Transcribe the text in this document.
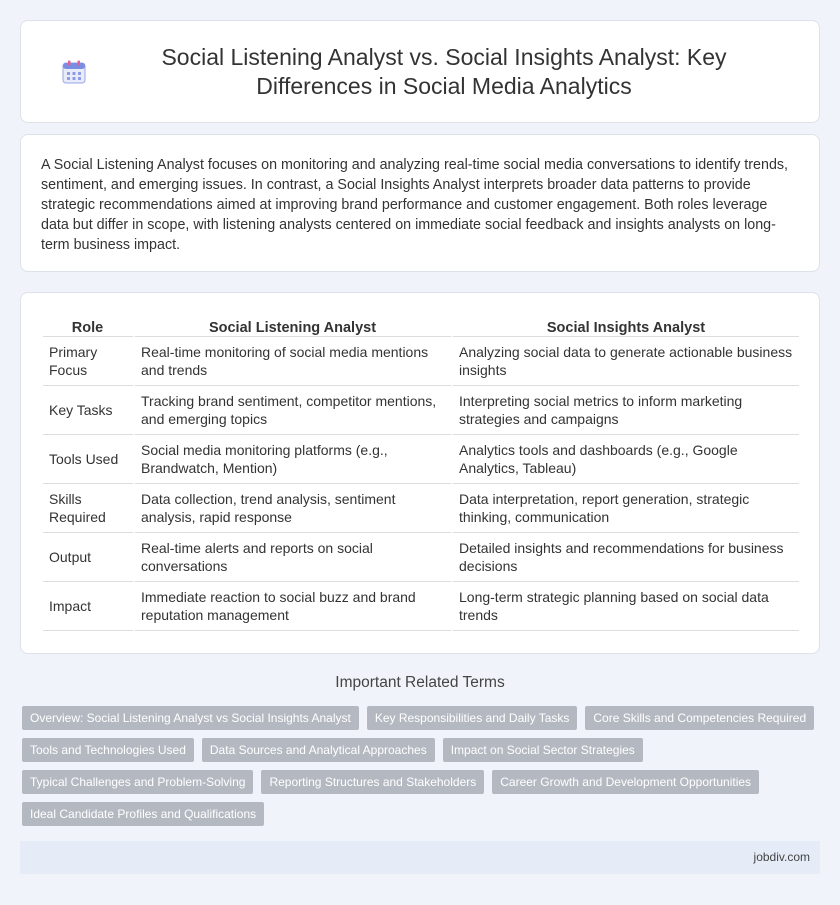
Social Listening Analyst vs. Social Insights Analyst: Key Differences in Social Media Analytics

A Social Listening Analyst focuses on monitoring and analyzing real-time social media conversations to identify trends, sentiment, and emerging issues. In contrast, a Social Insights Analyst interprets broader data patterns to provide strategic recommendations aimed at improving brand performance and customer engagement. Both roles leverage data but differ in scope, with listening analysts centered on immediate social feedback and insights analysts on long-term business impact.

Role	Social Listening Analyst	Social Insights Analyst
Primary Focus	Real-time monitoring of social media mentions and trends	Analyzing social data to generate actionable business insights
Key Tasks	Tracking brand sentiment, competitor mentions, and emerging topics	Interpreting social metrics to inform marketing strategies and campaigns
Tools Used	Social media monitoring platforms (e.g., Brandwatch, Mention)	Analytics tools and dashboards (e.g., Google Analytics, Tableau)
Skills Required	Data collection, trend analysis, sentiment analysis, rapid response	Data interpretation, report generation, strategic thinking, communication
Output	Real-time alerts and reports on social conversations	Detailed insights and recommendations for business decisions
Impact	Immediate reaction to social buzz and brand reputation management	Long-term strategic planning based on social data trends
Important Related Terms
Overview: Social Listening Analyst vs Social Insights Analyst	Key Responsibilities and Daily Tasks	Core Skills and Competencies Required
Tools and Technologies Used	Data Sources and Analytical Approaches	Impact on Social Sector Strategies
Typical Challenges and Problem-Solving	Reporting Structures and Stakeholders	Career Growth and Development Opportunities
Ideal Candidate Profiles and Qualifications
jobdiv.com
